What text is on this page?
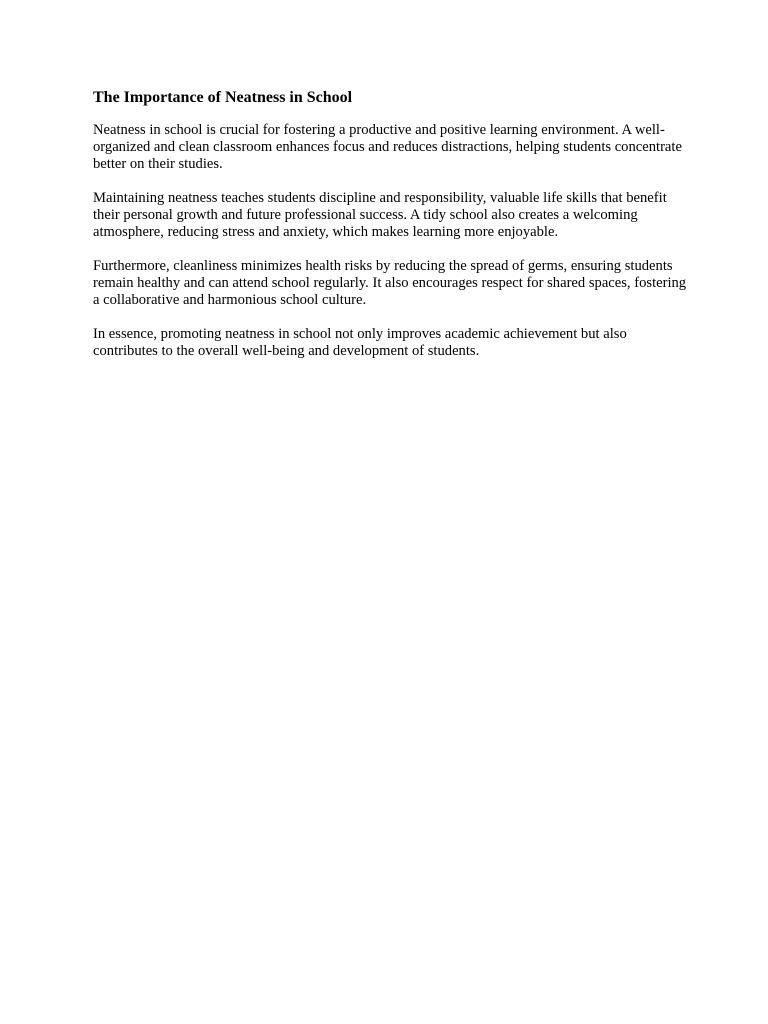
The Importance of Neatness in School

Neatness in school is crucial for fostering a productive and positive learning environment. A well-organized and clean classroom enhances focus and reduces distractions, helping students concentrate better on their studies.

Maintaining neatness teaches students discipline and responsibility, valuable life skills that benefit their personal growth and future professional success. A tidy school also creates a welcoming atmosphere, reducing stress and anxiety, which makes learning more enjoyable.

Furthermore, cleanliness minimizes health risks by reducing the spread of germs, ensuring students remain healthy and can attend school regularly. It also encourages respect for shared spaces, fostering a collaborative and harmonious school culture.

In essence, promoting neatness in school not only improves academic achievement but also contributes to the overall well-being and development of students.
